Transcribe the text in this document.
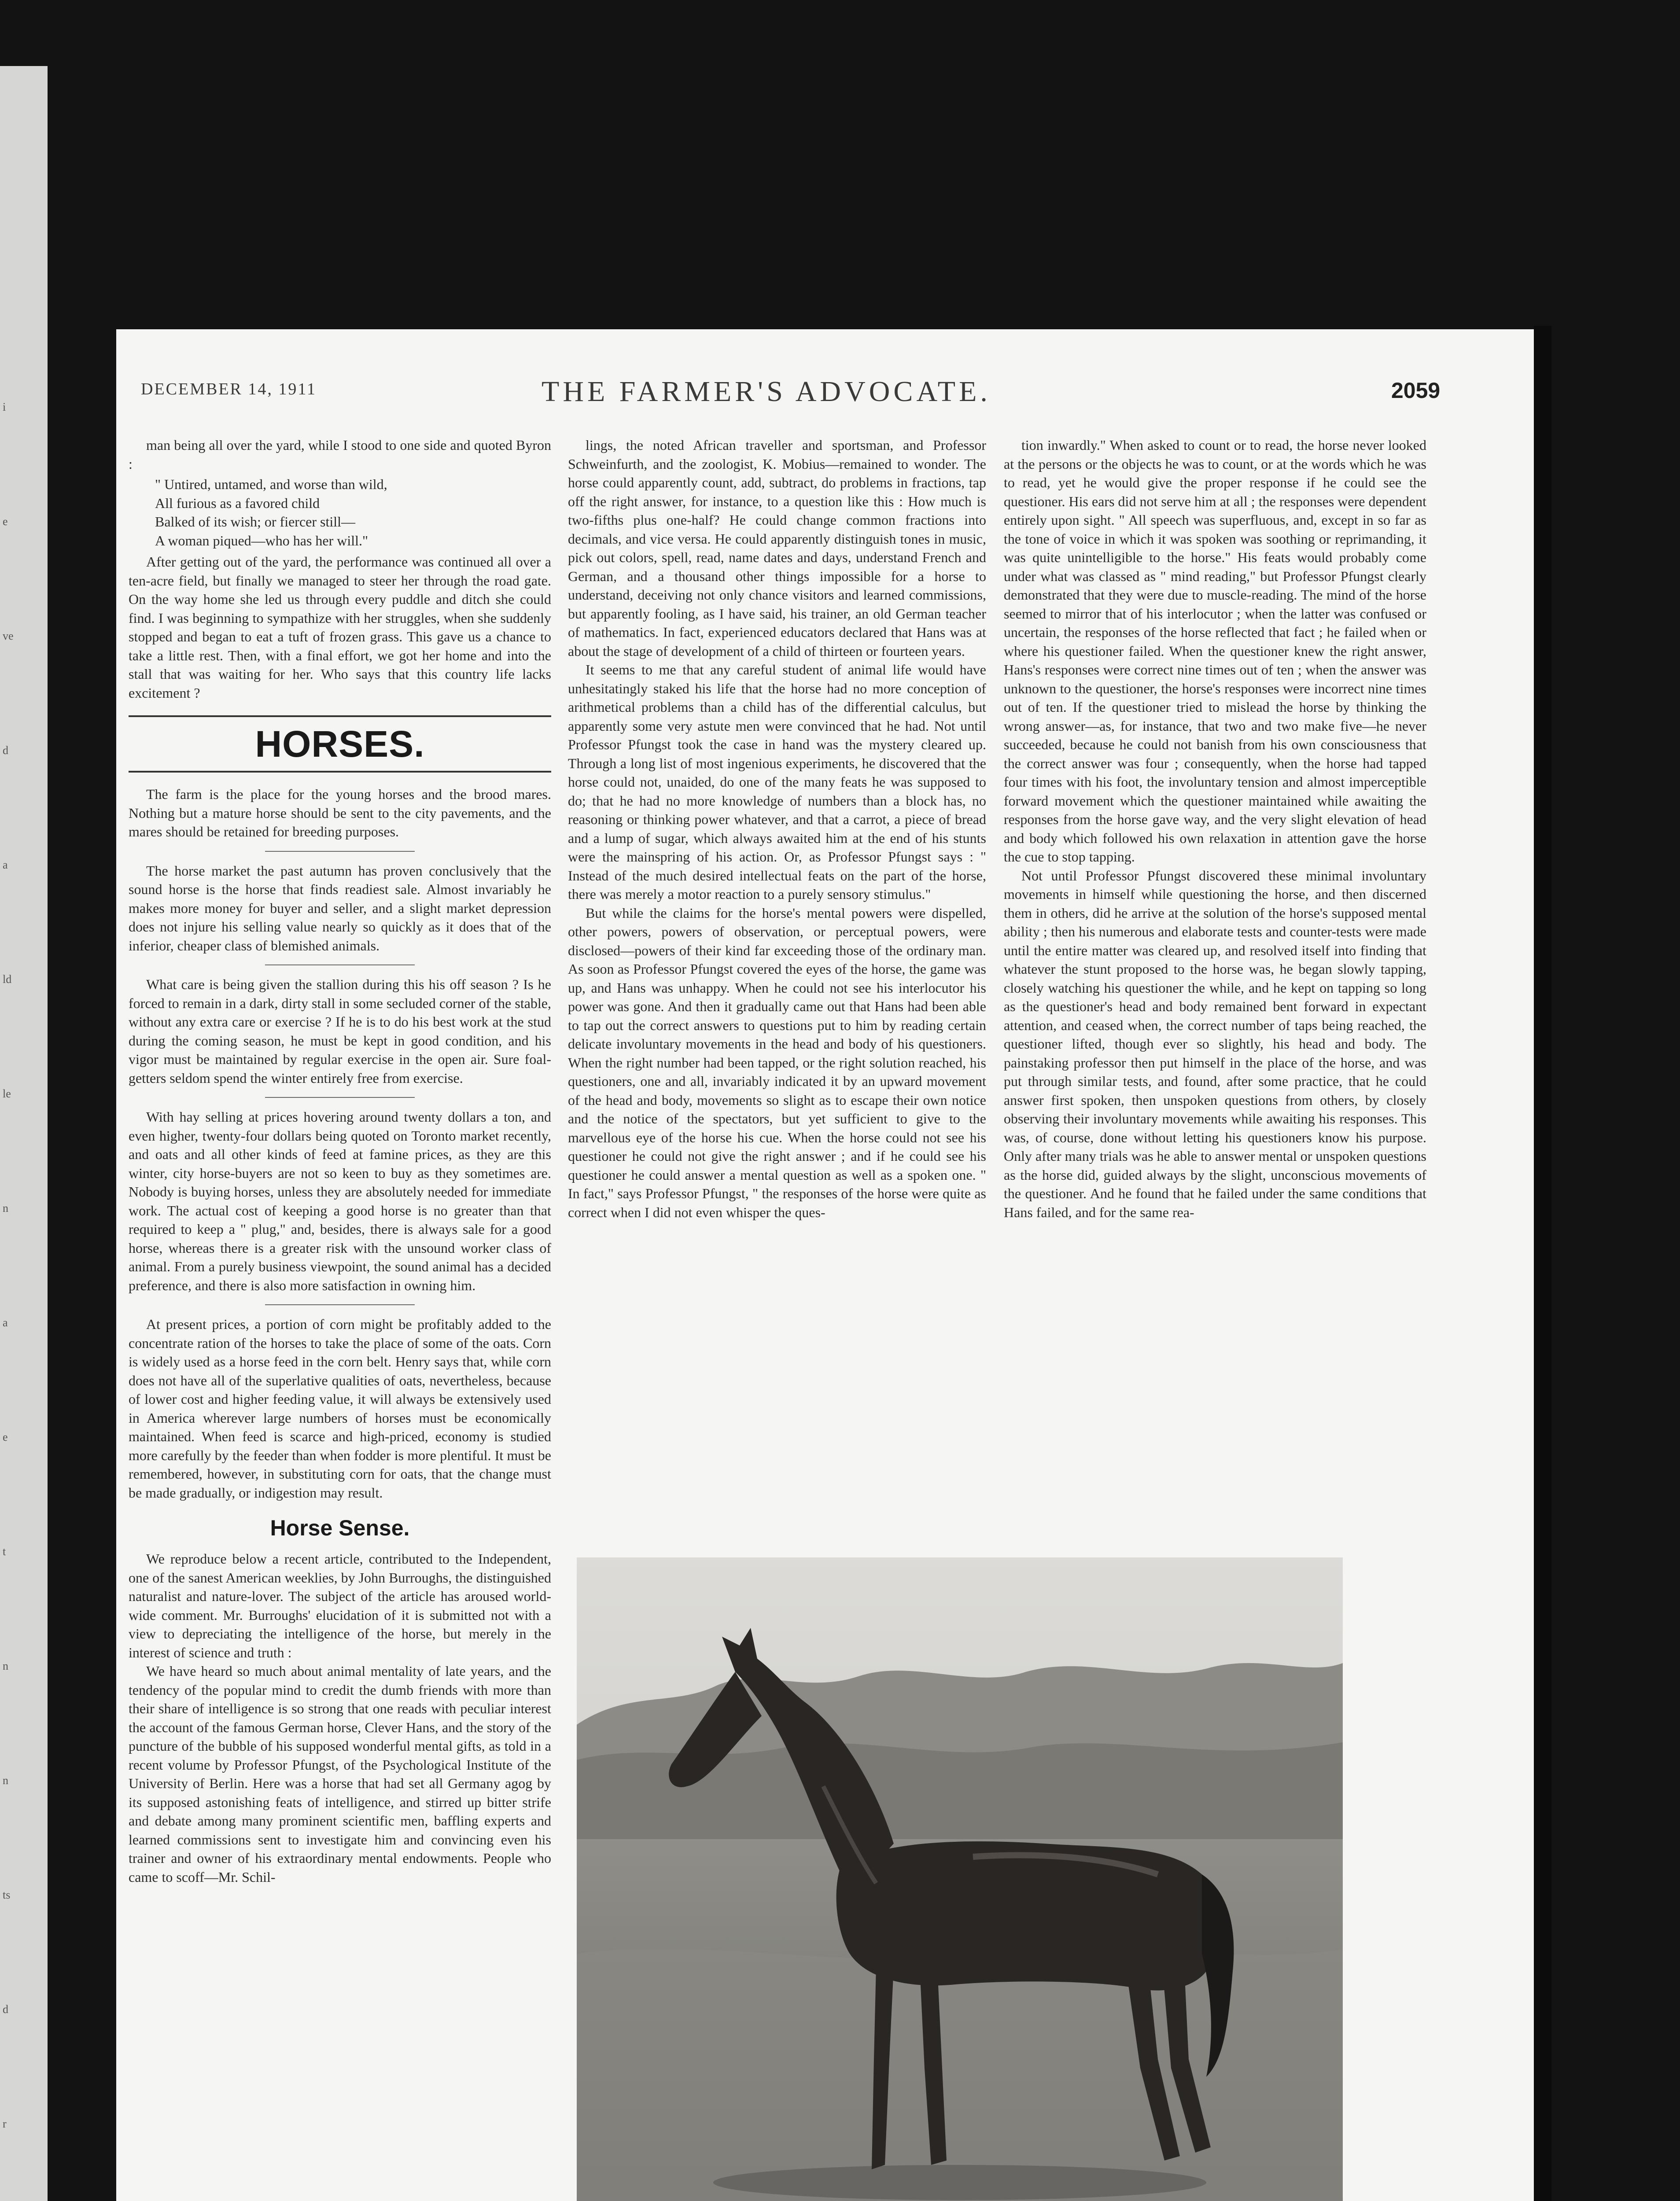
i
e
ve
d
a
ld
le
n
a
e
t
n
n
ts
d
r
DECEMBER 14, 1911	THE FARMER'S ADVOCATE.	2059

man being all over the yard, while I stood to one side and quoted Byron :

" Untired, untamed, and worse than wild,
All furious as a favored child
Balked of its wish; or fiercer still—
A woman piqued—who has her will."

After getting out of the yard, the performance was continued all over a ten-acre field, but finally we managed to steer her through the road gate. On the way home she led us through every puddle and ditch she could find. I was beginning to sympathize with her struggles, when she suddenly stopped and began to eat a tuft of frozen grass. This gave us a chance to take a little rest. Then, with a final effort, we got her home and into the stall that was waiting for her. Who says that this country life lacks excitement ?

HORSES.

The farm is the place for the young horses and the brood mares. Nothing but a mature horse should be sent to the city pavements, and the mares should be retained for breeding purposes.

The horse market the past autumn has proven conclusively that the sound horse is the horse that finds readiest sale. Almost invariably he makes more money for buyer and seller, and a slight market depression does not injure his selling value nearly so quickly as it does that of the inferior, cheaper class of blemished animals.

What care is being given the stallion during this his off season ? Is he forced to remain in a dark, dirty stall in some secluded corner of the stable, without any extra care or exercise ? If he is to do his best work at the stud during the coming season, he must be kept in good condition, and his vigor must be maintained by regular exercise in the open air. Sure foal-getters seldom spend the winter entirely free from exercise.

With hay selling at prices hovering around twenty dollars a ton, and even higher, twenty-four dollars being quoted on Toronto market recently, and oats and all other kinds of feed at famine prices, as they are this winter, city horse-buyers are not so keen to buy as they sometimes are. Nobody is buying horses, unless they are absolutely needed for immediate work. The actual cost of keeping a good horse is no greater than that required to keep a " plug," and, besides, there is always sale for a good horse, whereas there is a greater risk with the unsound worker class of animal. From a purely business viewpoint, the sound animal has a decided preference, and there is also more satisfaction in owning him.

At present prices, a portion of corn might be profitably added to the concentrate ration of the horses to take the place of some of the oats. Corn is widely used as a horse feed in the corn belt. Henry says that, while corn does not have all of the superlative qualities of oats, nevertheless, because of lower cost and higher feeding value, it will always be extensively used in America wherever large numbers of horses must be economically maintained. When feed is scarce and high-priced, economy is studied more carefully by the feeder than when fodder is more plentiful. It must be remembered, however, in substituting corn for oats, that the change must be made gradually, or indigestion may result.

Horse Sense.

We reproduce below a recent article, contributed to the Independent, one of the sanest American weeklies, by John Burroughs, the distinguished naturalist and nature-lover. The subject of the article has aroused world-wide comment. Mr. Burroughs' elucidation of it is submitted not with a view to depreciating the intelligence of the horse, but merely in the interest of science and truth :

We have heard so much about animal mentality of late years, and the tendency of the popular mind to credit the dumb friends with more than their share of intelligence is so strong that one reads with peculiar interest the account of the famous German horse, Clever Hans, and the story of the puncture of the bubble of his supposed wonderful mental gifts, as told in a recent volume by Professor Pfungst, of the Psychological Institute of the University of Berlin. Here was a horse that had set all Germany agog by its supposed astonishing feats of intelligence, and stirred up bitter strife and debate among many prominent scientific men, baffling experts and learned commissions sent to investigate him and convincing even his trainer and owner of his extraordinary mental endowments. People who came to scoff—Mr. Schil-

lings, the noted African traveller and sportsman, and Professor Schweinfurth, and the zoologist, K. Mobius—remained to wonder. The horse could apparently count, add, subtract, do problems in fractions, tap off the right answer, for instance, to a question like this : How much is two-fifths plus one-half? He could change common fractions into decimals, and vice versa. He could apparently distinguish tones in music, pick out colors, spell, read, name dates and days, understand French and German, and a thousand other things impossible for a horse to understand, deceiving not only chance visitors and learned commissions, but apparently fooling, as I have said, his trainer, an old German teacher of mathematics. In fact, experienced educators declared that Hans was at about the stage of development of a child of thirteen or fourteen years.

It seems to me that any careful student of animal life would have unhesitatingly staked his life that the horse had no more conception of arithmetical problems than a child has of the differential calculus, but apparently some very astute men were convinced that he had. Not until Professor Pfungst took the case in hand was the mystery cleared up. Through a long list of most ingenious experiments, he discovered that the horse could not, unaided, do one of the many feats he was supposed to do; that he had no more knowledge of numbers than a block has, no reasoning or thinking power whatever, and that a carrot, a piece of bread and a lump of sugar, which always awaited him at the end of his stunts were the mainspring of his action. Or, as Professor Pfungst says : " Instead of the much desired intellectual feats on the part of the horse, there was merely a motor reaction to a purely sensory stimulus."

But while the claims for the horse's mental powers were dispelled, other powers, powers of observation, or perceptual powers, were disclosed—powers of their kind far exceeding those of the ordinary man. As soon as Professor Pfungst covered the eyes of the horse, the game was up, and Hans was unhappy. When he could not see his interlocutor his power was gone. And then it gradually came out that Hans had been able to tap out the correct answers to questions put to him by reading certain delicate involuntary movements in the head and body of his questioners. When the right number had been tapped, or the right solution reached, his questioners, one and all, invariably indicated it by an upward movement of the head and body, movements so slight as to escape their own notice and the notice of the spectators, but yet sufficient to give to the marvellous eye of the horse his cue. When the horse could not see his questioner he could not give the right answer ; and if he could see his questioner he could answer a mental question as well as a spoken one. " In fact," says Professor Pfungst, " the responses of the horse were quite as correct when I did not even whisper the ques-

tion inwardly." When asked to count or to read, the horse never looked at the persons or the objects he was to count, or at the words which he was to read, yet he would give the proper response if he could see the questioner. His ears did not serve him at all ; the responses were dependent entirely upon sight. " All speech was superfluous, and, except in so far as the tone of voice in which it was spoken was soothing or reprimanding, it was quite unintelligible to the horse." His feats would probably come under what was classed as " mind reading," but Professor Pfungst clearly demonstrated that they were due to muscle-reading. The mind of the horse seemed to mirror that of his interlocutor ; when the latter was confused or uncertain, the responses of the horse reflected that fact ; he failed when or where his questioner failed. When the questioner knew the right answer, Hans's responses were correct nine times out of ten ; when the answer was unknown to the questioner, the horse's responses were incorrect nine times out of ten. If the questioner tried to mislead the horse by thinking the wrong answer—as, for instance, that two and two make five—he never succeeded, because he could not banish from his own consciousness that the correct answer was four ; consequently, when the horse had tapped four times with his foot, the involuntary tension and almost imperceptible forward movement which the questioner maintained while awaiting the responses from the horse gave way, and the very slight elevation of head and body which followed his own relaxation in attention gave the horse the cue to stop tapping.

Not until Professor Pfungst discovered these minimal involuntary movements in himself while questioning the horse, and then discerned them in others, did he arrive at the solution of the horse's supposed mental ability ; then his numerous and elaborate tests and counter-tests were made until the entire matter was cleared up, and resolved itself into finding that whatever the stunt proposed to the horse was, he began slowly tapping, closely watching his questioner the while, and he kept on tapping so long as the questioner's head and body remained bent forward in expectant attention, and ceased when, the correct number of taps being reached, the questioner lifted, though ever so slightly, his head and body. The painstaking professor then put himself in the place of the horse, and was put through similar tests, and found, after some practice, that he could answer first spoken, then unspoken questions from others, by closely observing their involuntary movements while awaiting his responses. This was, of course, done without letting his questioners know his purpose. Only after many trials was he able to answer mental or unspoken questions as the horse did, guided always by the slight, unconscious movements of the questioner. And he found that he failed under the same conditions that Hans failed, and for the same rea-
